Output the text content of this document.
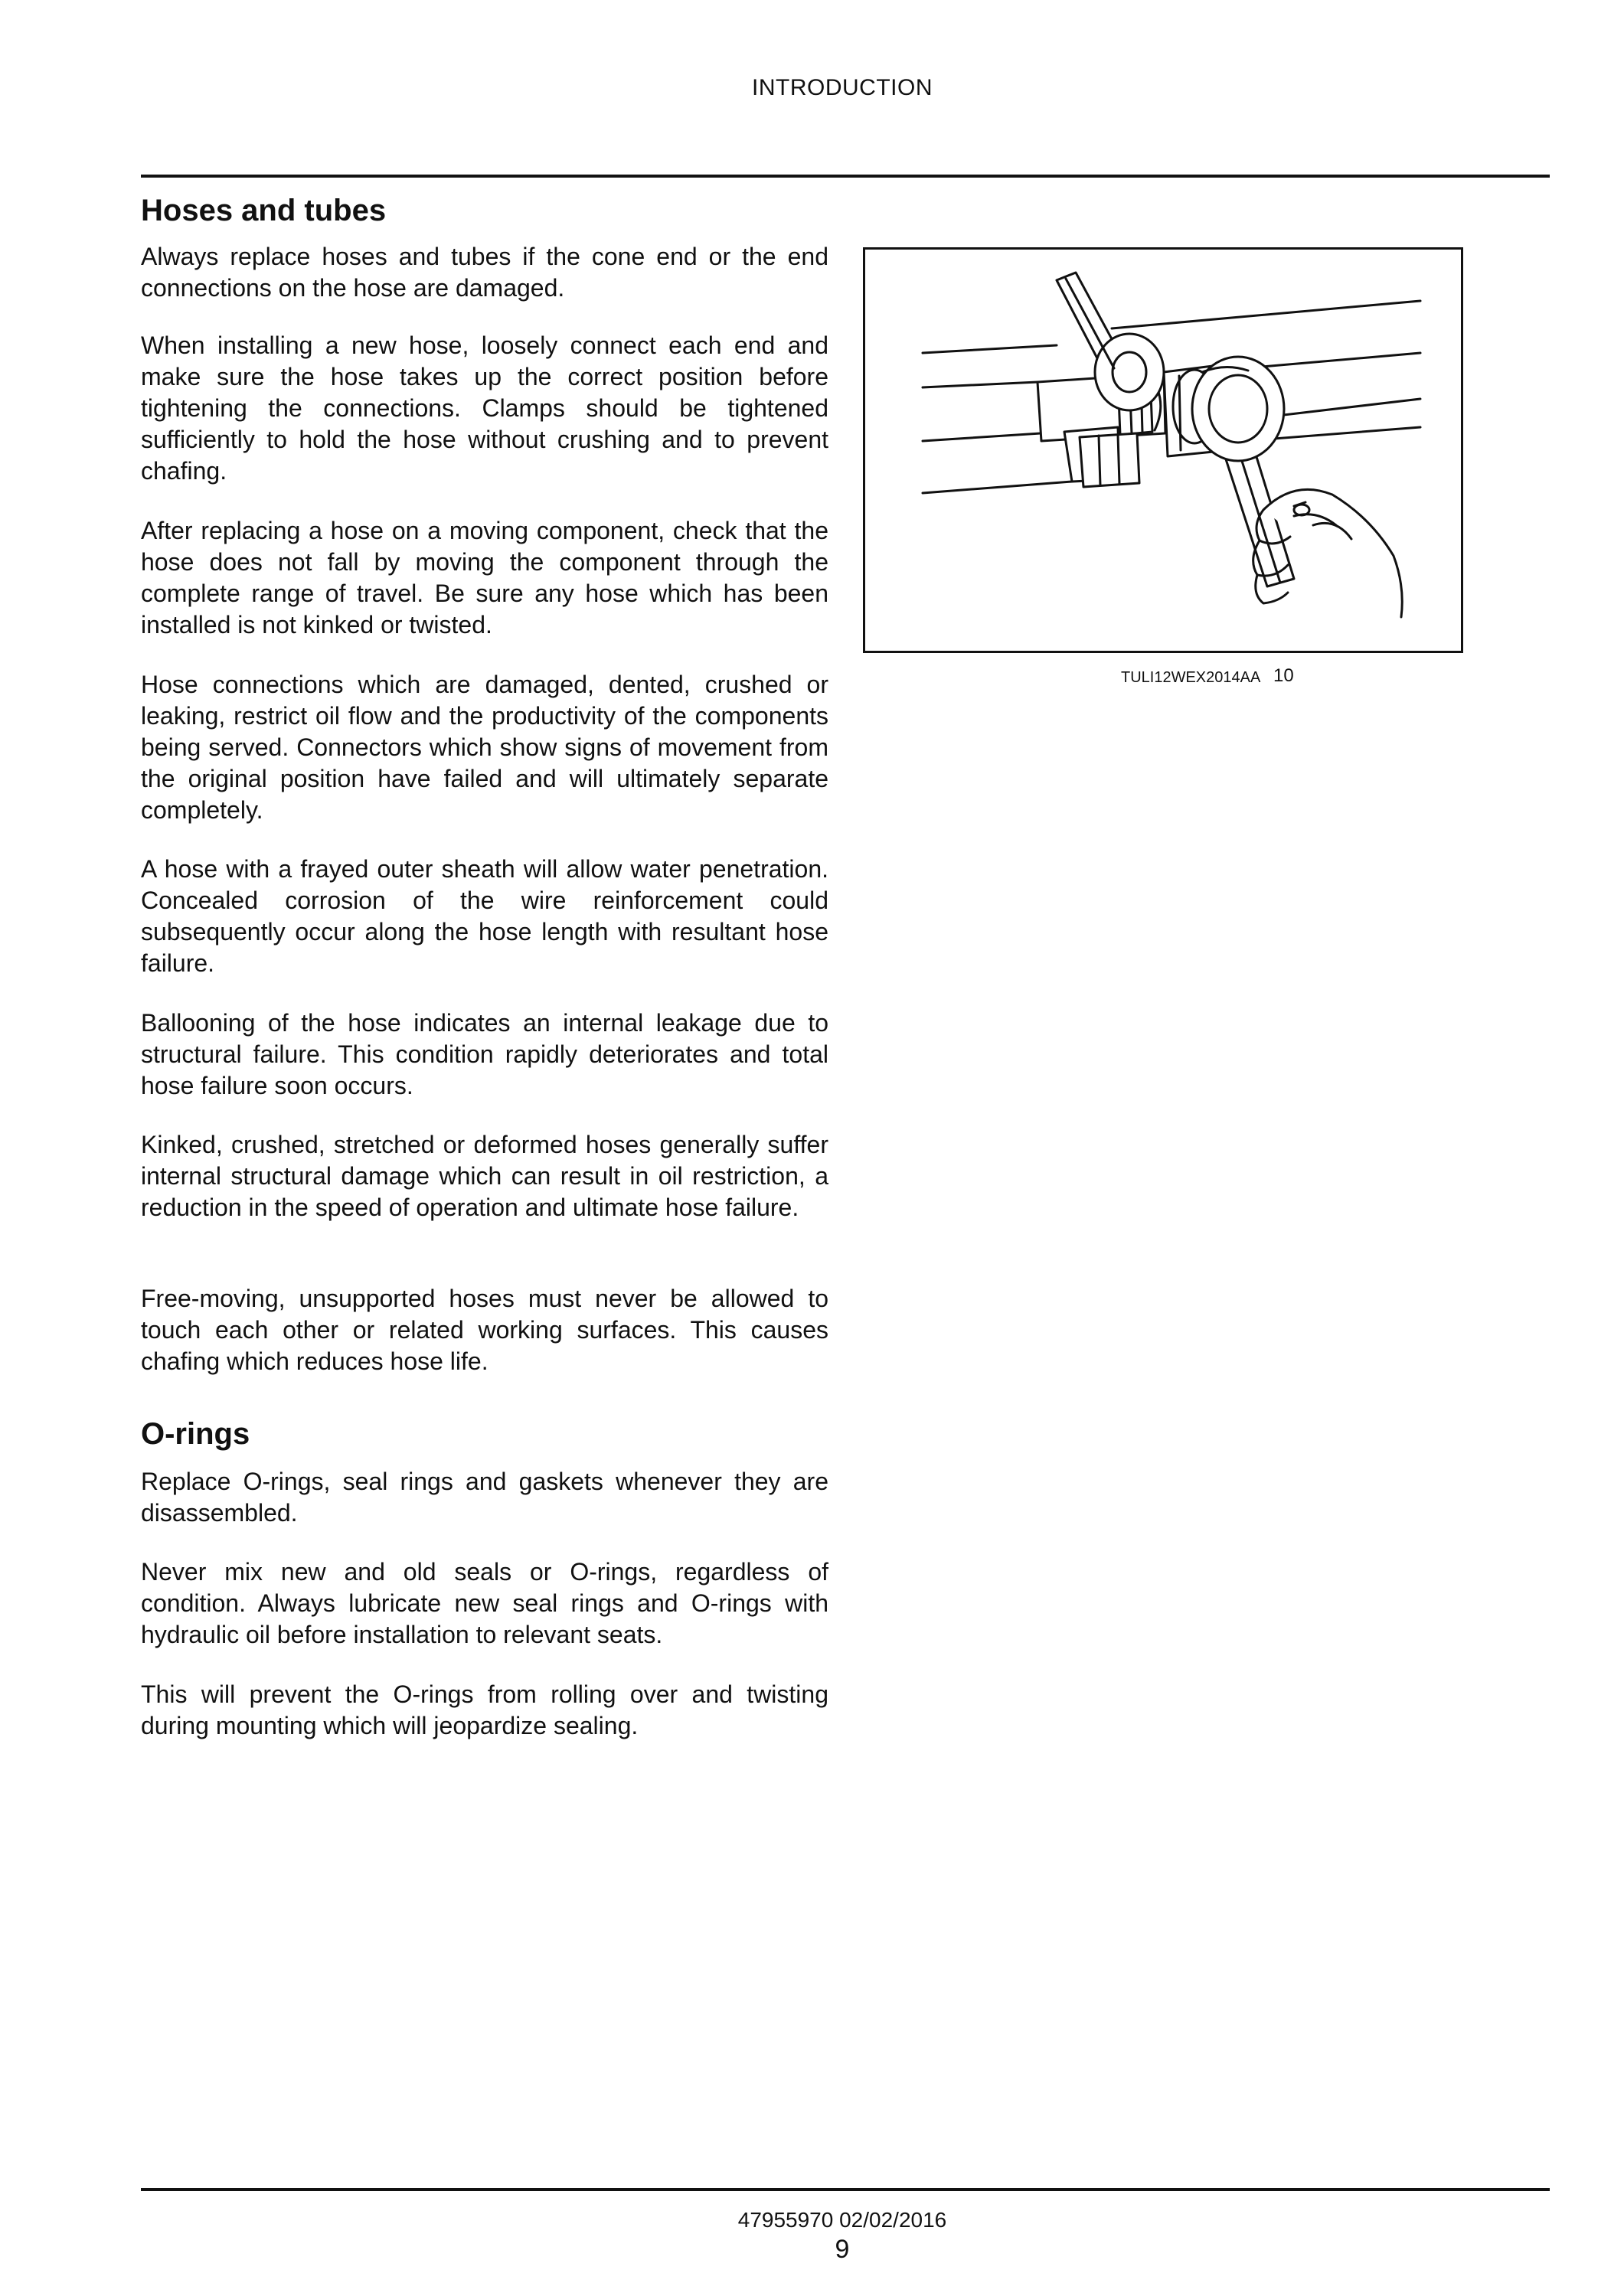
INTRODUCTION
Hoses and tubes

Always replace hoses and tubes if the cone end or the end connections on the hose are damaged.

When installing a new hose, loosely connect each end and make sure the hose takes up the correct position before tightening the connections. Clamps should be tightened sufficiently to hold the hose without crushing and to prevent chafing.

After replacing a hose on a moving component, check that the hose does not fall by moving the component through the complete range of travel. Be sure any hose which has been installed is not kinked or twisted.

Hose connections which are damaged, dented, crushed or leaking, restrict oil flow and the productivity of the components being served. Connectors which show signs of movement from the original position have failed and will ultimately separate completely.

A hose with a frayed outer sheath will allow water penetration. Concealed corrosion of the wire reinforcement could subsequently occur along the hose length with resultant hose failure.

Ballooning of the hose indicates an internal leakage due to structural failure. This condition rapidly deteriorates and total hose failure soon occurs.

Kinked, crushed, stretched or deformed hoses generally suffer internal structural damage which can result in oil restriction, a reduction in the speed of operation and ultimate hose failure.

Free-moving, unsupported hoses must never be allowed to touch each other or related working surfaces. This causes chafing which reduces hose life.

O-rings

Replace O-rings, seal rings and gaskets whenever they are disassembled.

Never mix new and old seals or O-rings, regardless of condition. Always lubricate new seal rings and O-rings with hydraulic oil before installation to relevant seats.

This will prevent the O-rings from rolling over and twisting during mounting which will jeopardize sealing.

TULI12WEX2014AA 10
47955970 02/02/2016
9
